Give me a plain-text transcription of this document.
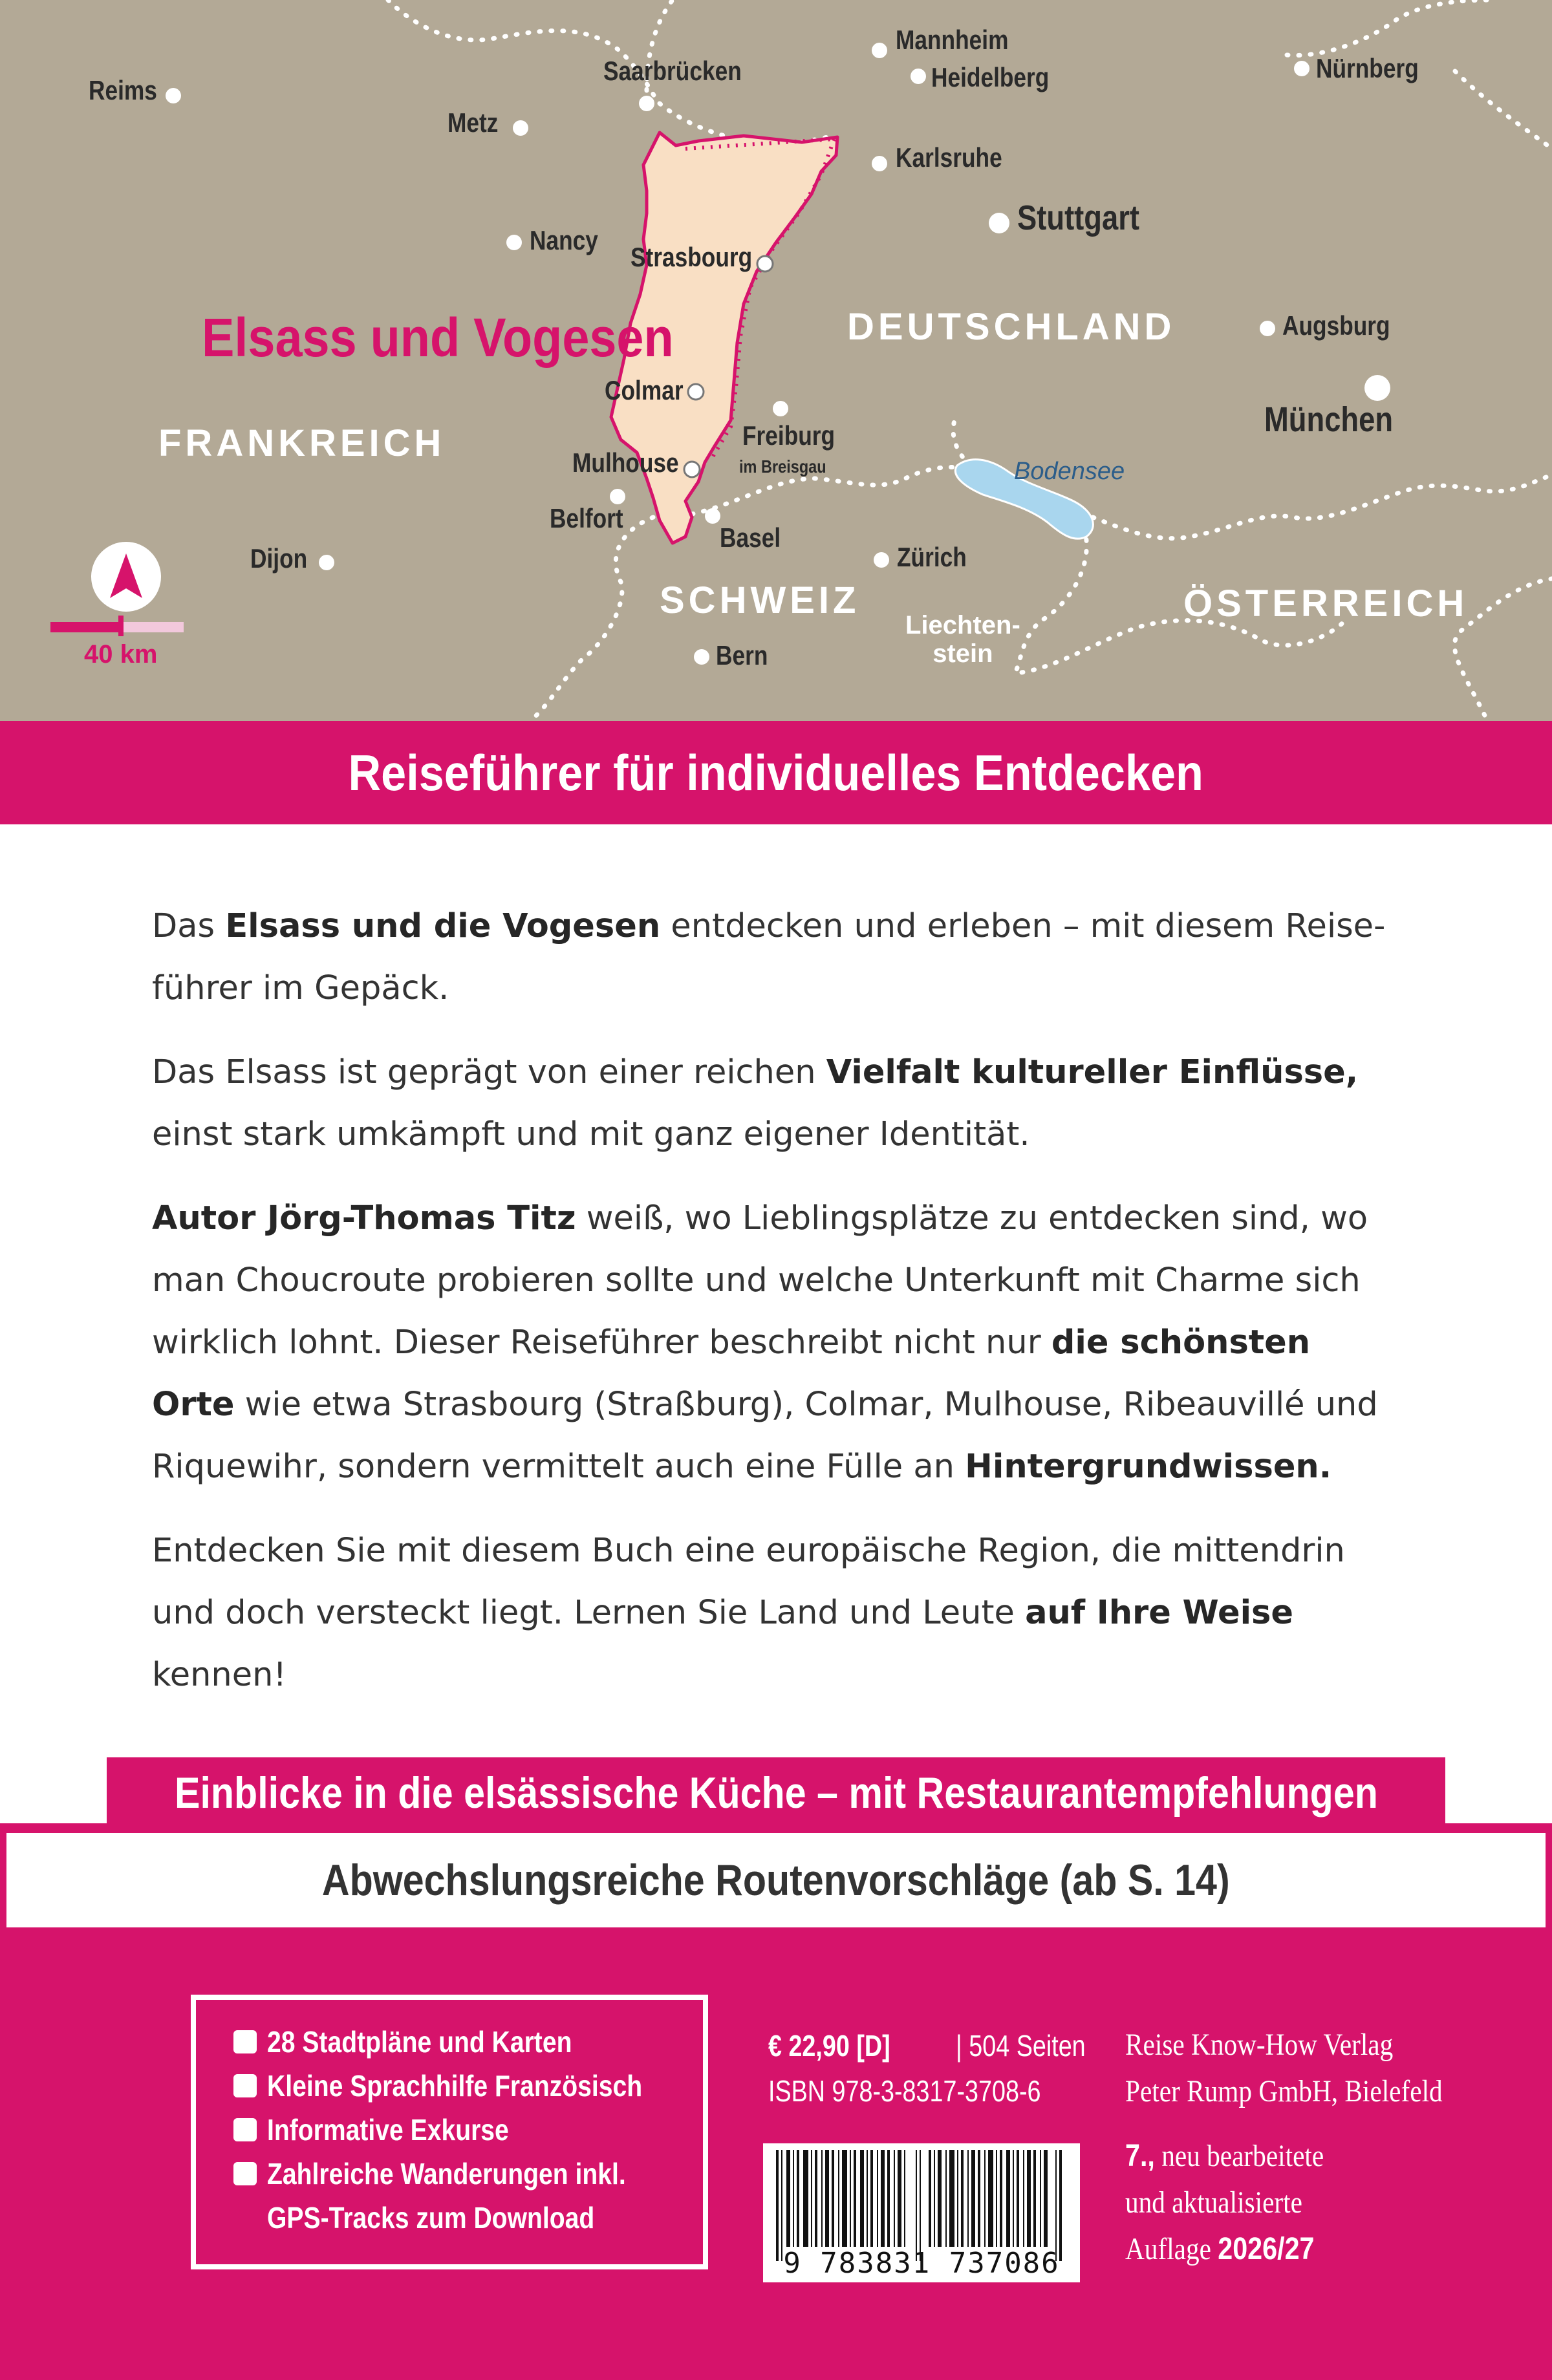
Reims
Metz
Saarbrücken
Mannheim
Heidelberg	Nürnberg
Karlsruhe
Stuttgart
Nancy
Strasbourg
Augsburg
Colmar
München
Freiburg
im Breisgau
Mulhouse
Belfort
Basel
Dijon	Zürich
Bern
FRANKREICH
DEUTSCHLAND
SCHWEIZ	ÖSTERREICH
Elsass und Vogesen
Bodensee
Liechten-
stein
40 km
Reiseführer für individuelles Entdecken

Das Elsass und die Vogesen entdecken und erleben – mit diesem Reise-
führer im Gepäck.

Das Elsass ist geprägt von einer reichen Vielfalt kultureller Einflüsse,
einst stark umkämpft und mit ganz eigener Identität.

Autor Jörg-Thomas Titz weiß, wo Lieblingsplätze zu entdecken sind, wo
man Choucroute probieren sollte und welche Unterkunft mit Charme sich
wirklich lohnt. Dieser Reiseführer beschreibt nicht nur die schönsten
Orte wie etwa Strasbourg (Straßburg), Colmar, Mulhouse, Ribeauvillé und
Riquewihr, sondern vermittelt auch eine Fülle an Hintergrundwissen.

Entdecken Sie mit diesem Buch eine europäische Region, die mittendrin
und doch versteckt liegt. Lernen Sie Land und Leute auf Ihre Weise
kennen!

Einblicke in die elsässische Küche – mit Restaurantempfehlungen
Abwechslungsreiche Routenvorschläge (ab S. 14)
28 Stadtpläne und Karten
Kleine Sprachhilfe Französisch
Informative Exkurse
Zahlreiche Wanderungen inkl.
GPS-Tracks zum Download
€ 22,90 [D] | 504 Seiten
ISBN 978-3-8317-3708-6
9 783831 737086
Reise Know-How Verlag
Peter Rump GmbH, Bielefeld
7., neu bearbeitete
und aktualisierte
Auflage 2026/27
